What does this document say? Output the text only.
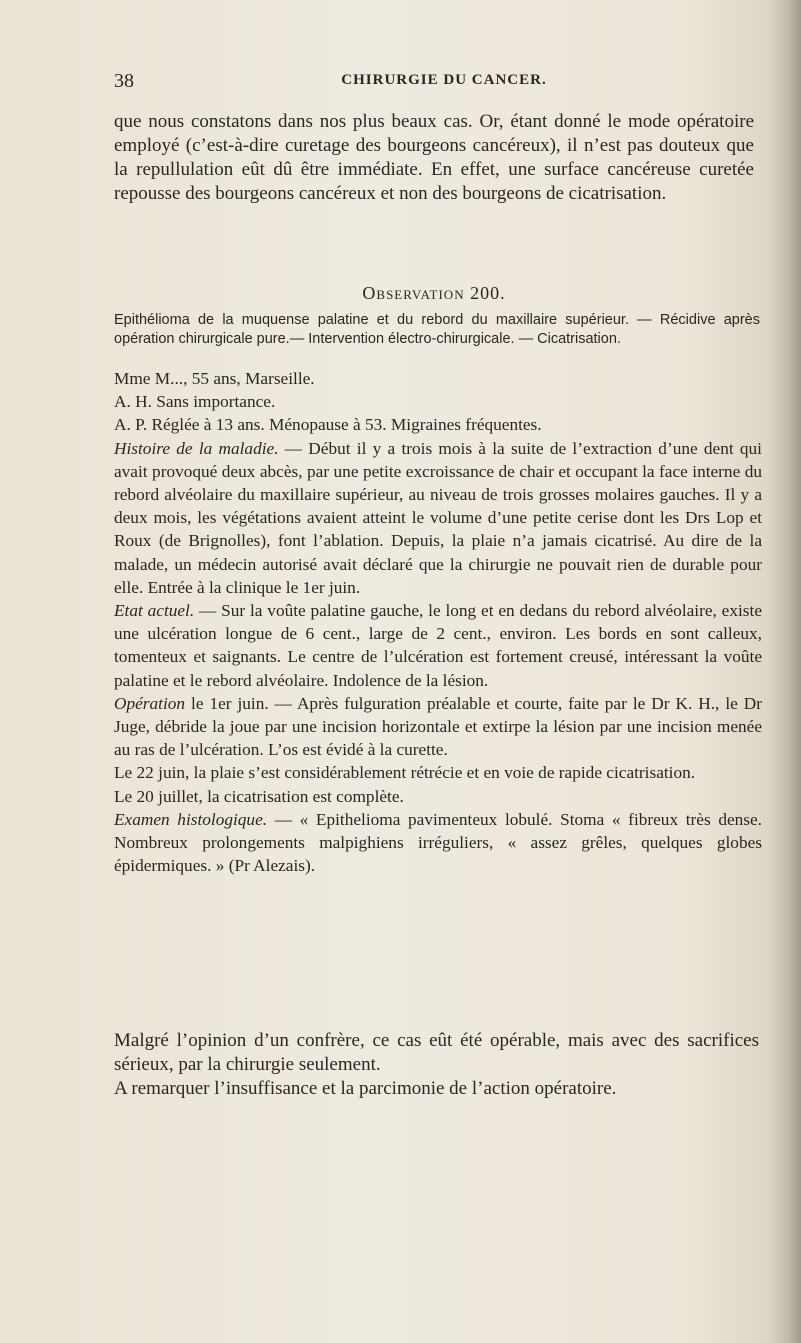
38	CHIRURGIE DU CANCER.

que nous constatons dans nos plus beaux cas. Or, étant donné le mode opératoire employé (c’est-à-dire curetage des bourgeons cancéreux), il n’est pas douteux que la repullulation eût dû être immédiate. En effet, une surface cancéreuse curetée repousse des bourgeons cancéreux et non des bourgeons de cicatrisation.

Observation 200.

Epithélioma de la muquense palatine et du rebord du maxillaire supérieur. — Récidive après opération chirurgicale pure.— Intervention électro-chirurgicale. — Cicatrisation.

Mme M..., 55 ans, Marseille.

A. H. Sans importance.

A. P. Réglée à 13 ans. Ménopause à 53. Migraines fréquentes.

Histoire de la maladie. — Début il y a trois mois à la suite de l’extraction d’une dent qui avait provoqué deux abcès, par une petite excroissance de chair et occupant la face interne du rebord alvéolaire du maxillaire supérieur, au niveau de trois grosses molaires gauches. Il y a deux mois, les végétations avaient atteint le volume d’une petite cerise dont les Drs Lop et Roux (de Brignolles), font l’ablation. Depuis, la plaie n’a jamais cicatrisé. Au dire de la malade, un médecin autorisé avait déclaré que la chirurgie ne pouvait rien de durable pour elle. Entrée à la clinique le 1er juin.

Etat actuel. — Sur la voûte palatine gauche, le long et en dedans du rebord alvéolaire, existe une ulcération longue de 6 cent., large de 2 cent., environ. Les bords en sont calleux, tomenteux et saignants. Le centre de l’ulcération est fortement creusé, intéressant la voûte palatine et le rebord alvéolaire. Indolence de la lésion.

Opération le 1er juin. — Après fulguration préalable et courte, faite par le Dr K. H., le Dr Juge, débride la joue par une incision horizontale et extirpe la lésion par une incision menée au ras de l’ulcération. L’os est évidé à la curette.

Le 22 juin, la plaie s’est considérablement rétrécie et en voie de rapide cicatrisation.

Le 20 juillet, la cicatrisation est complète.

Examen histologique. — « Epithelioma pavimenteux lobulé. Stoma « fibreux très dense. Nombreux prolongements malpighiens irréguliers, « assez grêles, quelques globes épidermiques. » (Pr Alezais).

Malgré l’opinion d’un confrère, ce cas eût été opérable, mais avec des sacrifices sérieux, par la chirurgie seulement.

A remarquer l’insuffisance et la parcimonie de l’action opératoire.
